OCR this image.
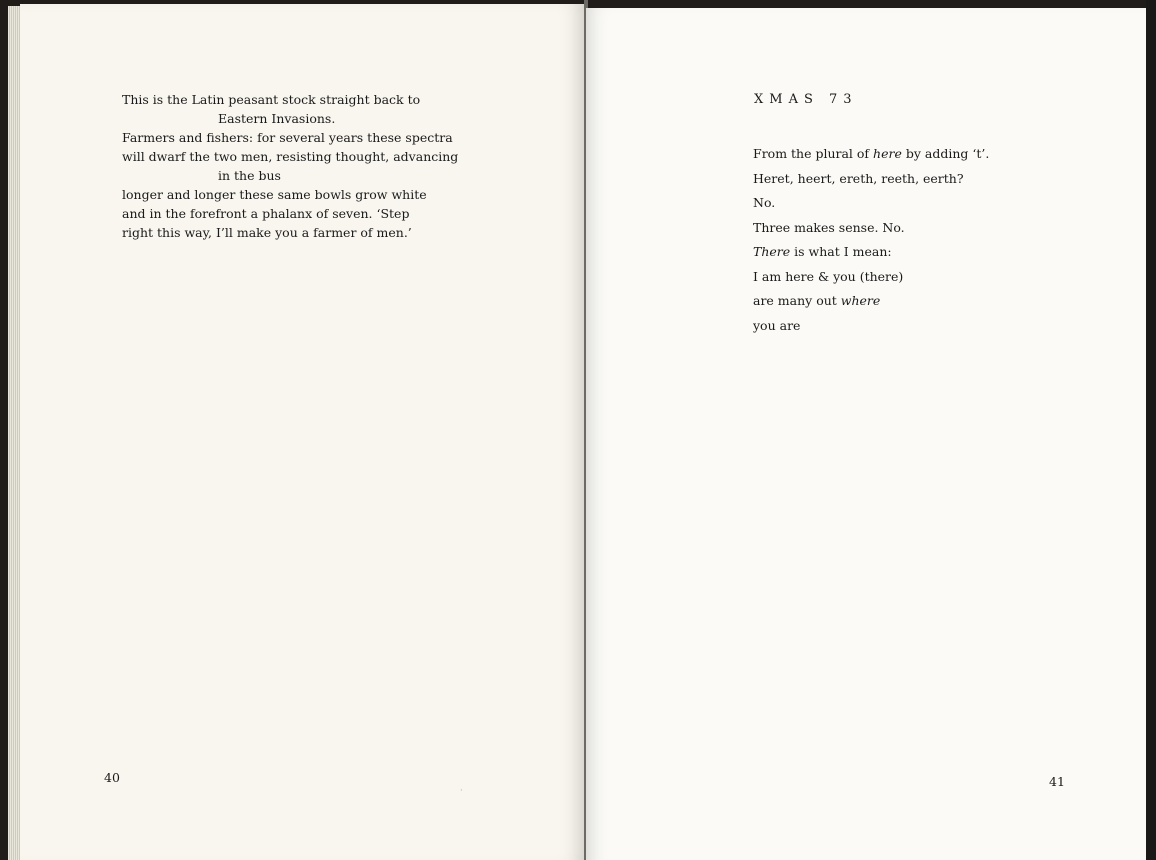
This is the Latin peasant stock straight back to
Eastern Invasions.
Farmers and fishers: for several years these spectra
will dwarf the two men, resisting thought, advancing
in the bus
longer and longer these same bowls grow white
and in the forefront a phalanx of seven. ‘Step
right this way, I’ll make you a farmer of men.’
40
·
XMAS 73
From the plural of here by adding ‘t’.
Heret, heert, ereth, reeth, eerth?
No.
Three makes sense. No.
There is what I mean:
I am here & you (there)
are many out where
you are
41
